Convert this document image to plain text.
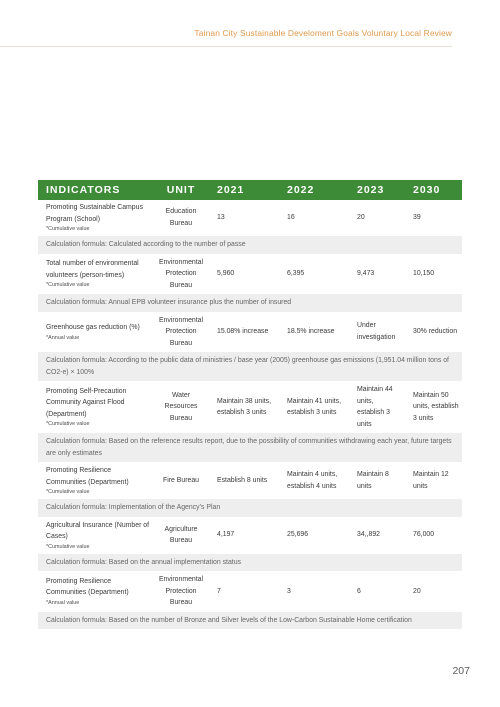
Tainan City Sustainable Develoment Goals Voluntary Local Review
INDICATORS	UNIT	2021	2022	2023	2030
Promoting Sustainable Campus Program (School)
*Cumulative value	Education Bureau	13	16	20	39
Calculation formula: Calculated according to the number of passe					
Total number of environmental volunteers (person-times)
*Cumulative value	Environmental Protection Bureau	5,960	6,395	9,473	10,150
Calculation formula: Annual EPB volunteer insurance plus the number of insured					
Greenhouse gas reduction (%)
*Annual value	Environmental Protection Bureau	15.08% increase	18.5% increase	Under investigation	30% reduction
Calculation formula: According to the public data of ministries / base year (2005) greenhouse gas emissions (1,951.04 million tons of CO2-e) × 100%					
Promoting Self-Precaution Community Against Flood (Department)
*Cumulative value	Water Resources Bureau	Maintain 38 units, establish 3 units	Maintain 41 units, establish 3 units	Maintain 44 units, establish 3 units	Maintain 50 units, establish 3 units
Calculation formula: Based on the reference results report, due to the possibility of communities withdrawing each year, future targets are only estimates					
Promoting Resilience Communities (Department)
*Cumulative value	Fire Bureau	Establish 8 units	Maintain 4 units, establish 4 units	Maintain 8 units	Maintain 12 units
Calculation formula: Implementation of the Agency’s Plan					
Agricultural Insurance (Number of Cases)
*Cumulative value	Agriculture Bureau	4,197	25,696	34,,892	76,000
Calculation formula: Based on the annual implementation status					
Promoting Resilience Communities (Department)
*Annual value	Environmental Protection Bureau	7	3	6	20
Calculation formula: Based on the number of Bronze and Silver levels of the Low-Carbon Sustainable Home certification					
207
